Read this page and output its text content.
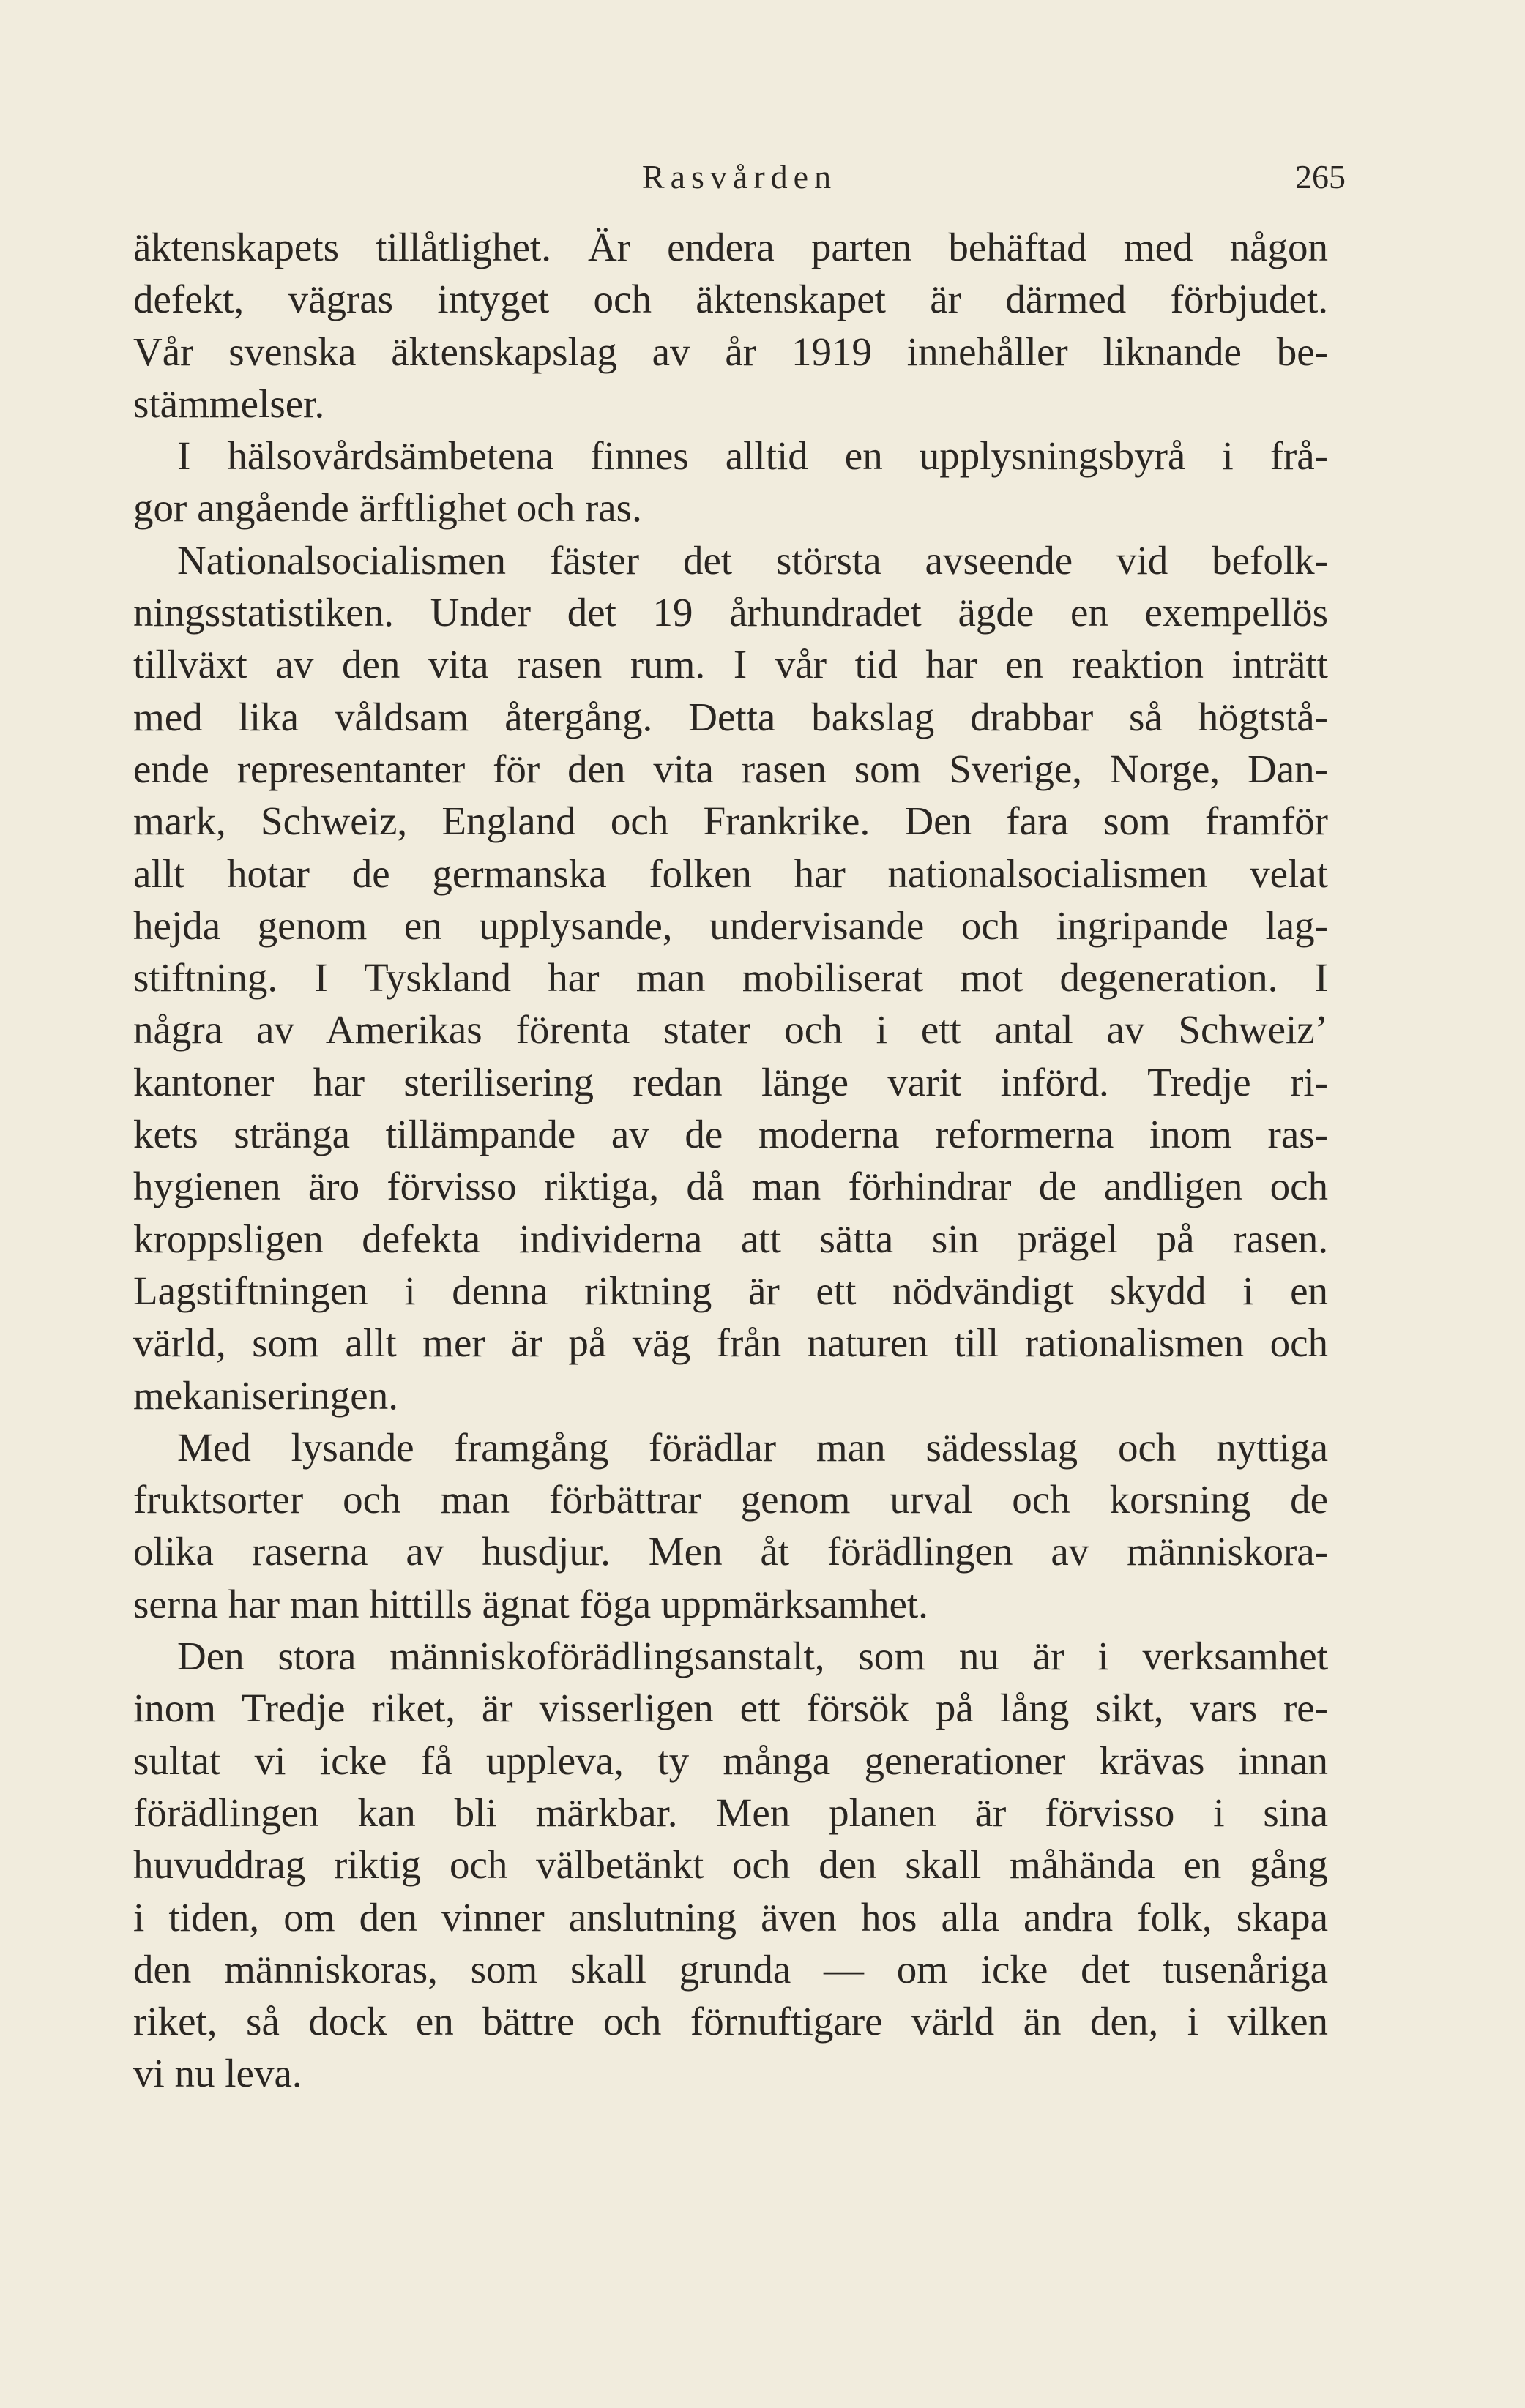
Rasvården	265
äktenskapets tillåtlighet. Är endera parten behäftad med någon
defekt, vägras intyget och äktenskapet är därmed förbjudet.
Vår svenska äktenskapslag av år 1919 innehåller liknande be-
stämmelser.
I hälsovårdsämbetena finnes alltid en upplysningsbyrå i frå-
gor angående ärftlighet och ras.
Nationalsocialismen fäster det största avseende vid befolk-
ningsstatistiken. Under det 19 århundradet ägde en exempellös
tillväxt av den vita rasen rum. I vår tid har en reaktion inträtt
med lika våldsam återgång. Detta bakslag drabbar så högtstå-
ende representanter för den vita rasen som Sverige, Norge, Dan-
mark, Schweiz, England och Frankrike. Den fara som framför
allt hotar de germanska folken har nationalsocialismen velat
hejda genom en upplysande, undervisande och ingripande lag-
stiftning. I Tyskland har man mobiliserat mot degeneration. I
några av Amerikas förenta stater och i ett antal av Schweiz’
kantoner har sterilisering redan länge varit införd. Tredje ri-
kets stränga tillämpande av de moderna reformerna inom ras-
hygienen äro förvisso riktiga, då man förhindrar de andligen och
kroppsligen defekta individerna att sätta sin prägel på rasen.
Lagstiftningen i denna riktning är ett nödvändigt skydd i en
värld, som allt mer är på väg från naturen till rationalismen och
mekaniseringen.
Med lysande framgång förädlar man sädesslag och nyttiga
fruktsorter och man förbättrar genom urval och korsning de
olika raserna av husdjur. Men åt förädlingen av människora-
serna har man hittills ägnat föga uppmärksamhet.
Den stora människoförädlingsanstalt, som nu är i verksamhet
inom Tredje riket, är visserligen ett försök på lång sikt, vars re-
sultat vi icke få uppleva, ty många generationer krävas innan
förädlingen kan bli märkbar. Men planen är förvisso i sina
huvuddrag riktig och välbetänkt och den skall måhända en gång
i tiden, om den vinner anslutning även hos alla andra folk, skapa
den människoras, som skall grunda — om icke det tusenåriga
riket, så dock en bättre och förnuftigare värld än den, i vilken
vi nu leva.
